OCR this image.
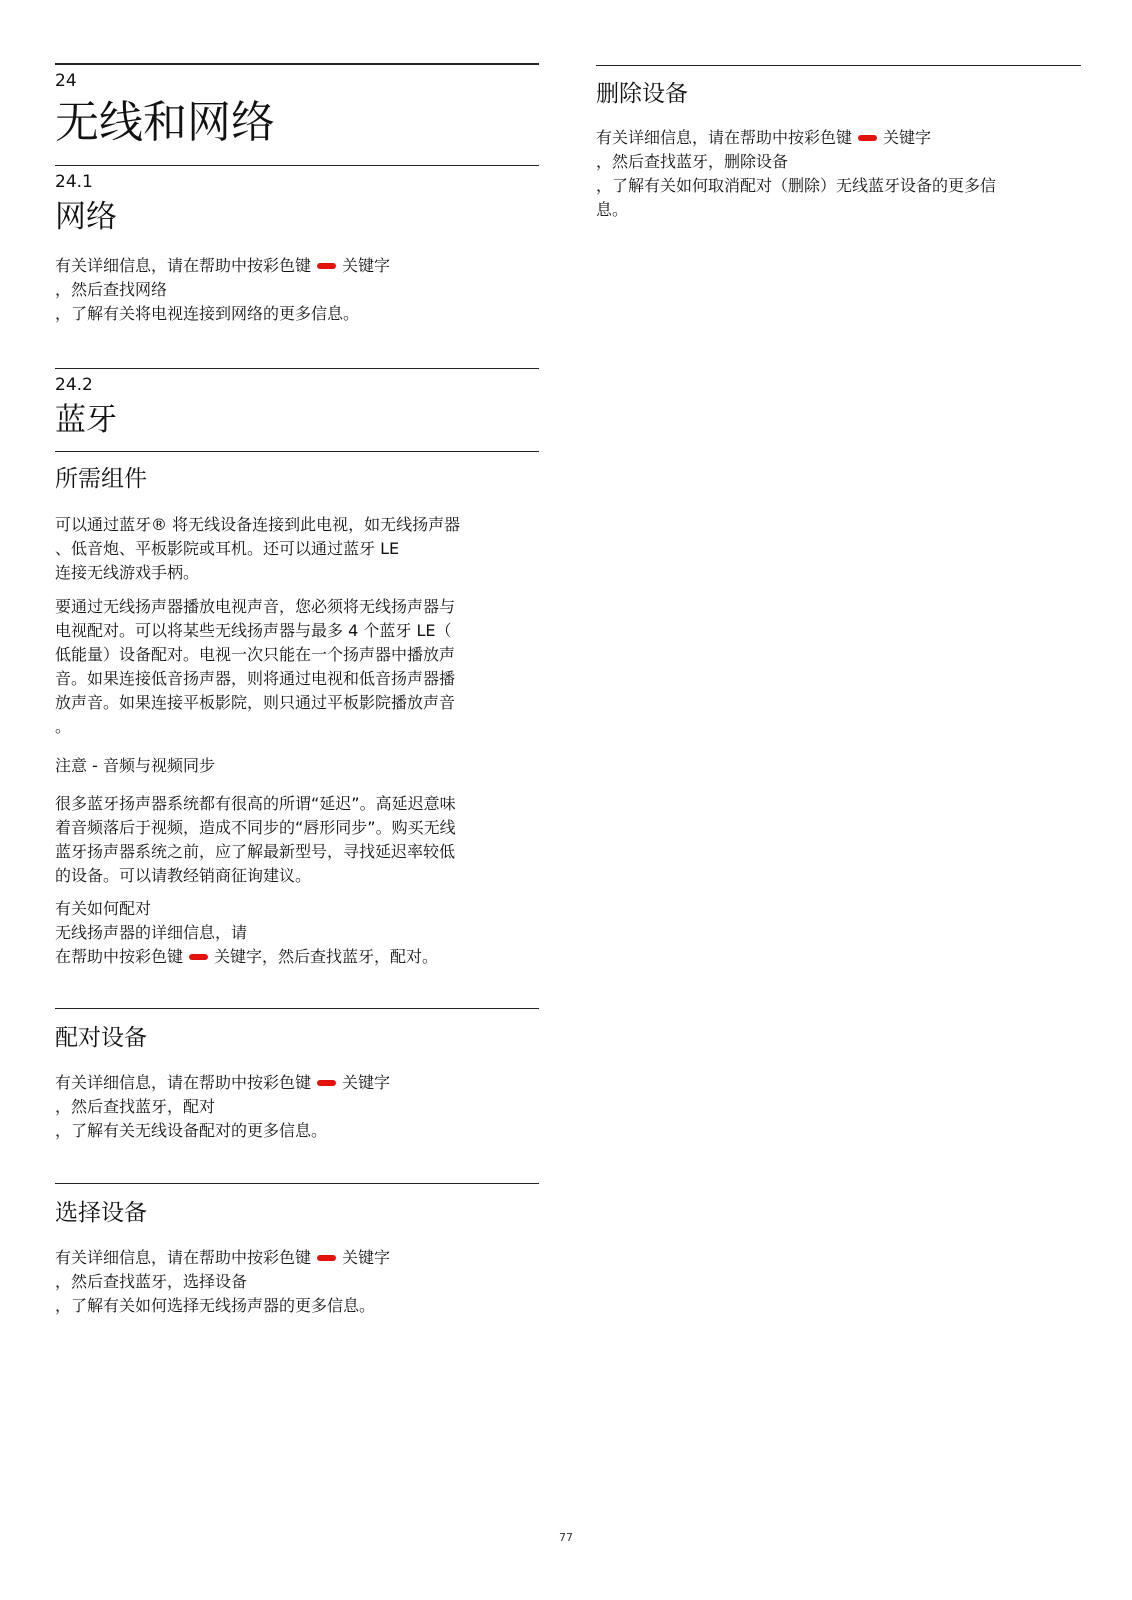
24
无线和网络
24.1
网络
有关详细信息，请在帮助中按彩色键 关键字
，然后查找网络
，了解有关将电视连接到网络的更多信息。
24.2
蓝牙
所需组件
可以通过蓝牙® 将无线设备连接到此电视，如无线扬声器
、低音炮、平板影院或耳机。还可以通过蓝牙 LE
连接无线游戏手柄。
要通过无线扬声器播放电视声音，您必须将无线扬声器与
电视配对。可以将某些无线扬声器与最多 4 个蓝牙 LE（
低能量）设备配对。电视一次只能在一个扬声器中播放声
音。如果连接低音扬声器，则将通过电视和低音扬声器播
放声音。如果连接平板影院，则只通过平板影院播放声音
。
注意 - 音频与视频同步
很多蓝牙扬声器系统都有很高的所谓“延迟”。高延迟意味
着音频落后于视频，造成不同步的“唇形同步”。购买无线
蓝牙扬声器系统之前，应了解最新型号，寻找延迟率较低
的设备。可以请教经销商征询建议。
有关如何配对
无线扬声器的详细信息，请
在帮助中按彩色键 关键字，然后查找蓝牙，配对。
配对设备
有关详细信息，请在帮助中按彩色键 关键字
，然后查找蓝牙，配对
，了解有关无线设备配对的更多信息。
选择设备
有关详细信息，请在帮助中按彩色键 关键字
，然后查找蓝牙，选择设备
，了解有关如何选择无线扬声器的更多信息。
删除设备
有关详细信息，请在帮助中按彩色键 关键字
，然后查找蓝牙，删除设备
，了解有关如何取消配对（删除）无线蓝牙设备的更多信
息。
77
